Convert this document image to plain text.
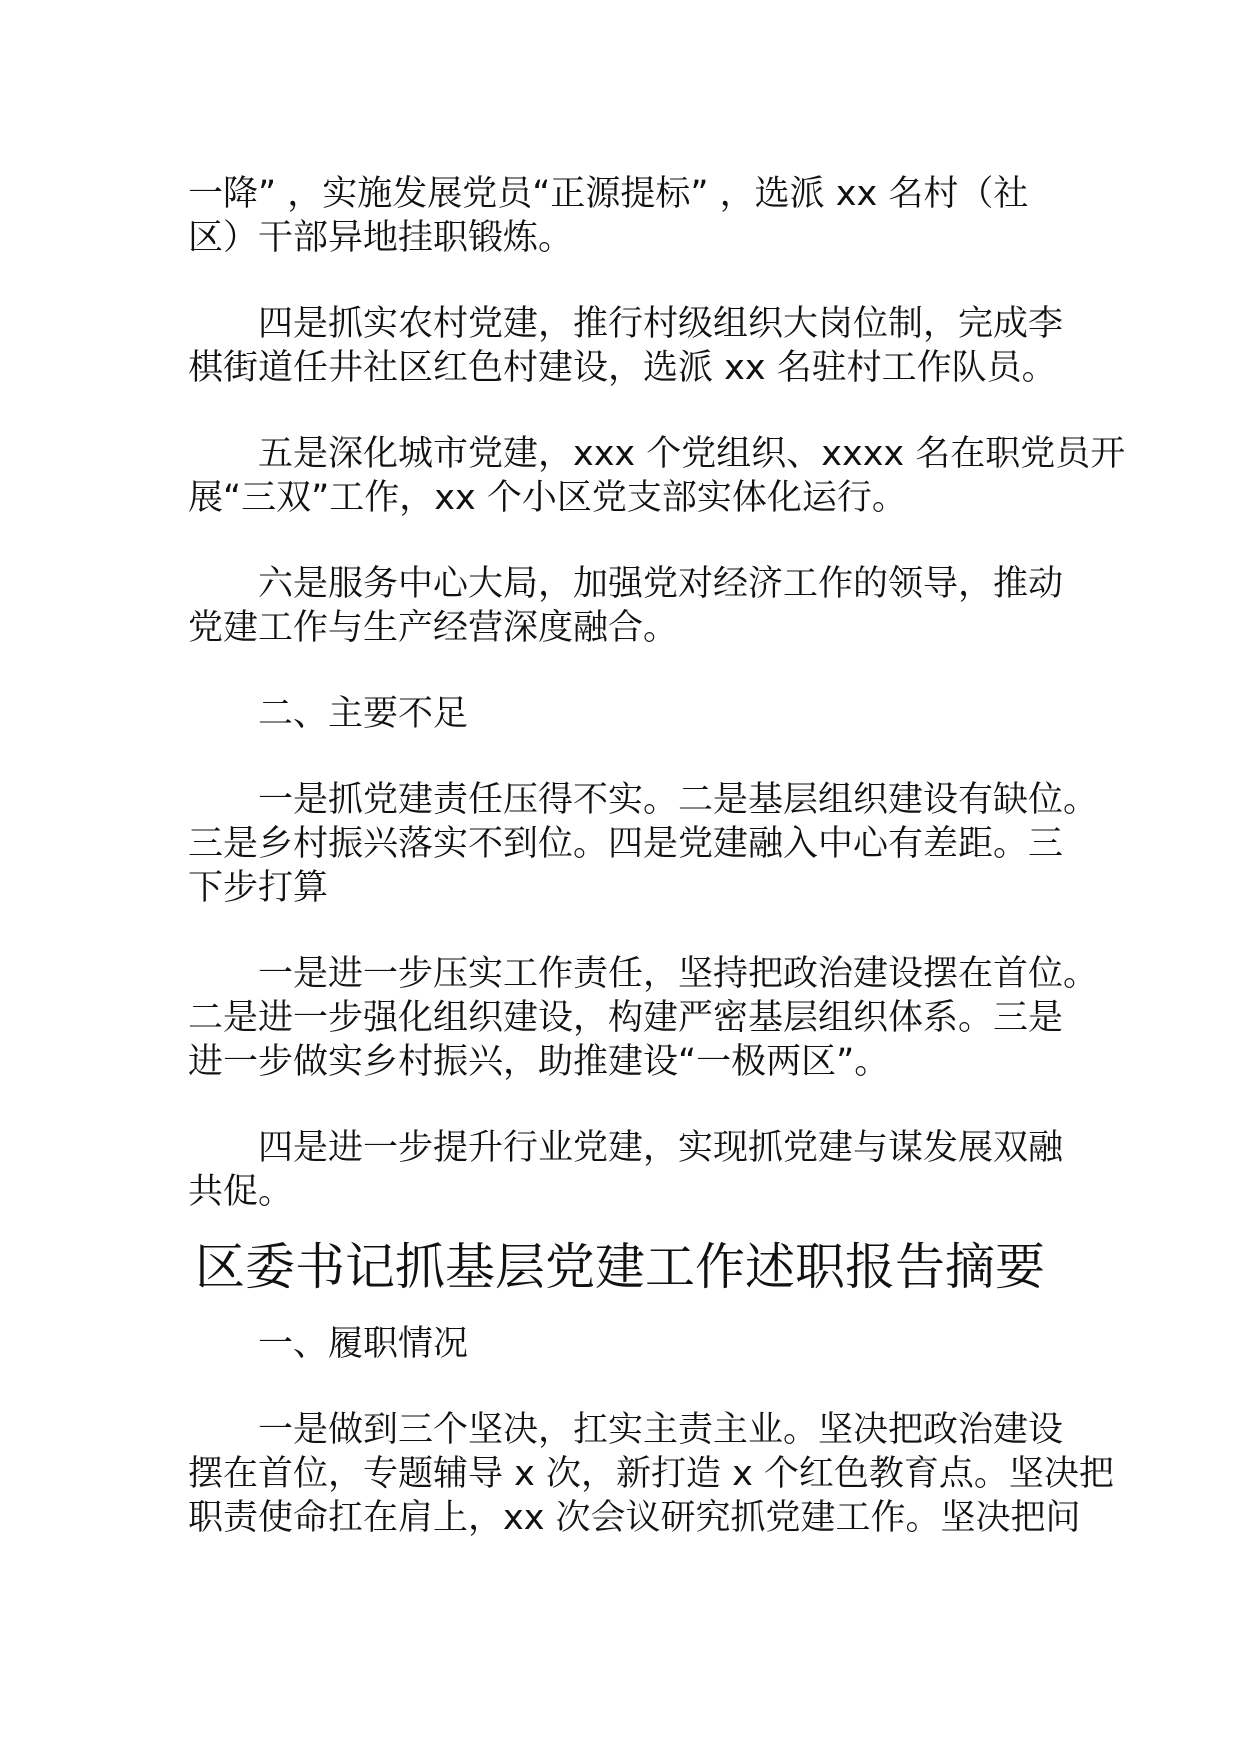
一降” ，实施发展党员“正源提标” ，选派 xx 名村（社
区）干部异地挂职锻炼。
　　四是抓实农村党建，推行村级组织大岗位制，完成李
棋街道任井社区红色村建设，选派 xx 名驻村工作队员。
　　五是深化城市党建，xxx 个党组织、xxxx 名在职党员开
展“三双”工作，xx 个小区党支部实体化运行。
　　六是服务中心大局，加强党对经济工作的领导，推动
党建工作与生产经营深度融合。
　　二、主要不足
　　一是抓党建责任压得不实。二是基层组织建设有缺位。
三是乡村振兴落实不到位。四是党建融入中心有差距。三
下步打算
　　一是进一步压实工作责任，坚持把政治建设摆在首位。
二是进一步强化组织建设，构建严密基层组织体系。三是
进一步做实乡村振兴，助推建设“一极两区”。
　　四是进一步提升行业党建，实现抓党建与谋发展双融
共促。
区委书记抓基层党建工作述职报告摘要
　　一、履职情况
　　一是做到三个坚决，扛实主责主业。坚决把政治建设
摆在首位，专题辅导 x 次，新打造 x 个红色教育点。坚决把
职责使命扛在肩上，xx 次会议研究抓党建工作。坚决把问
